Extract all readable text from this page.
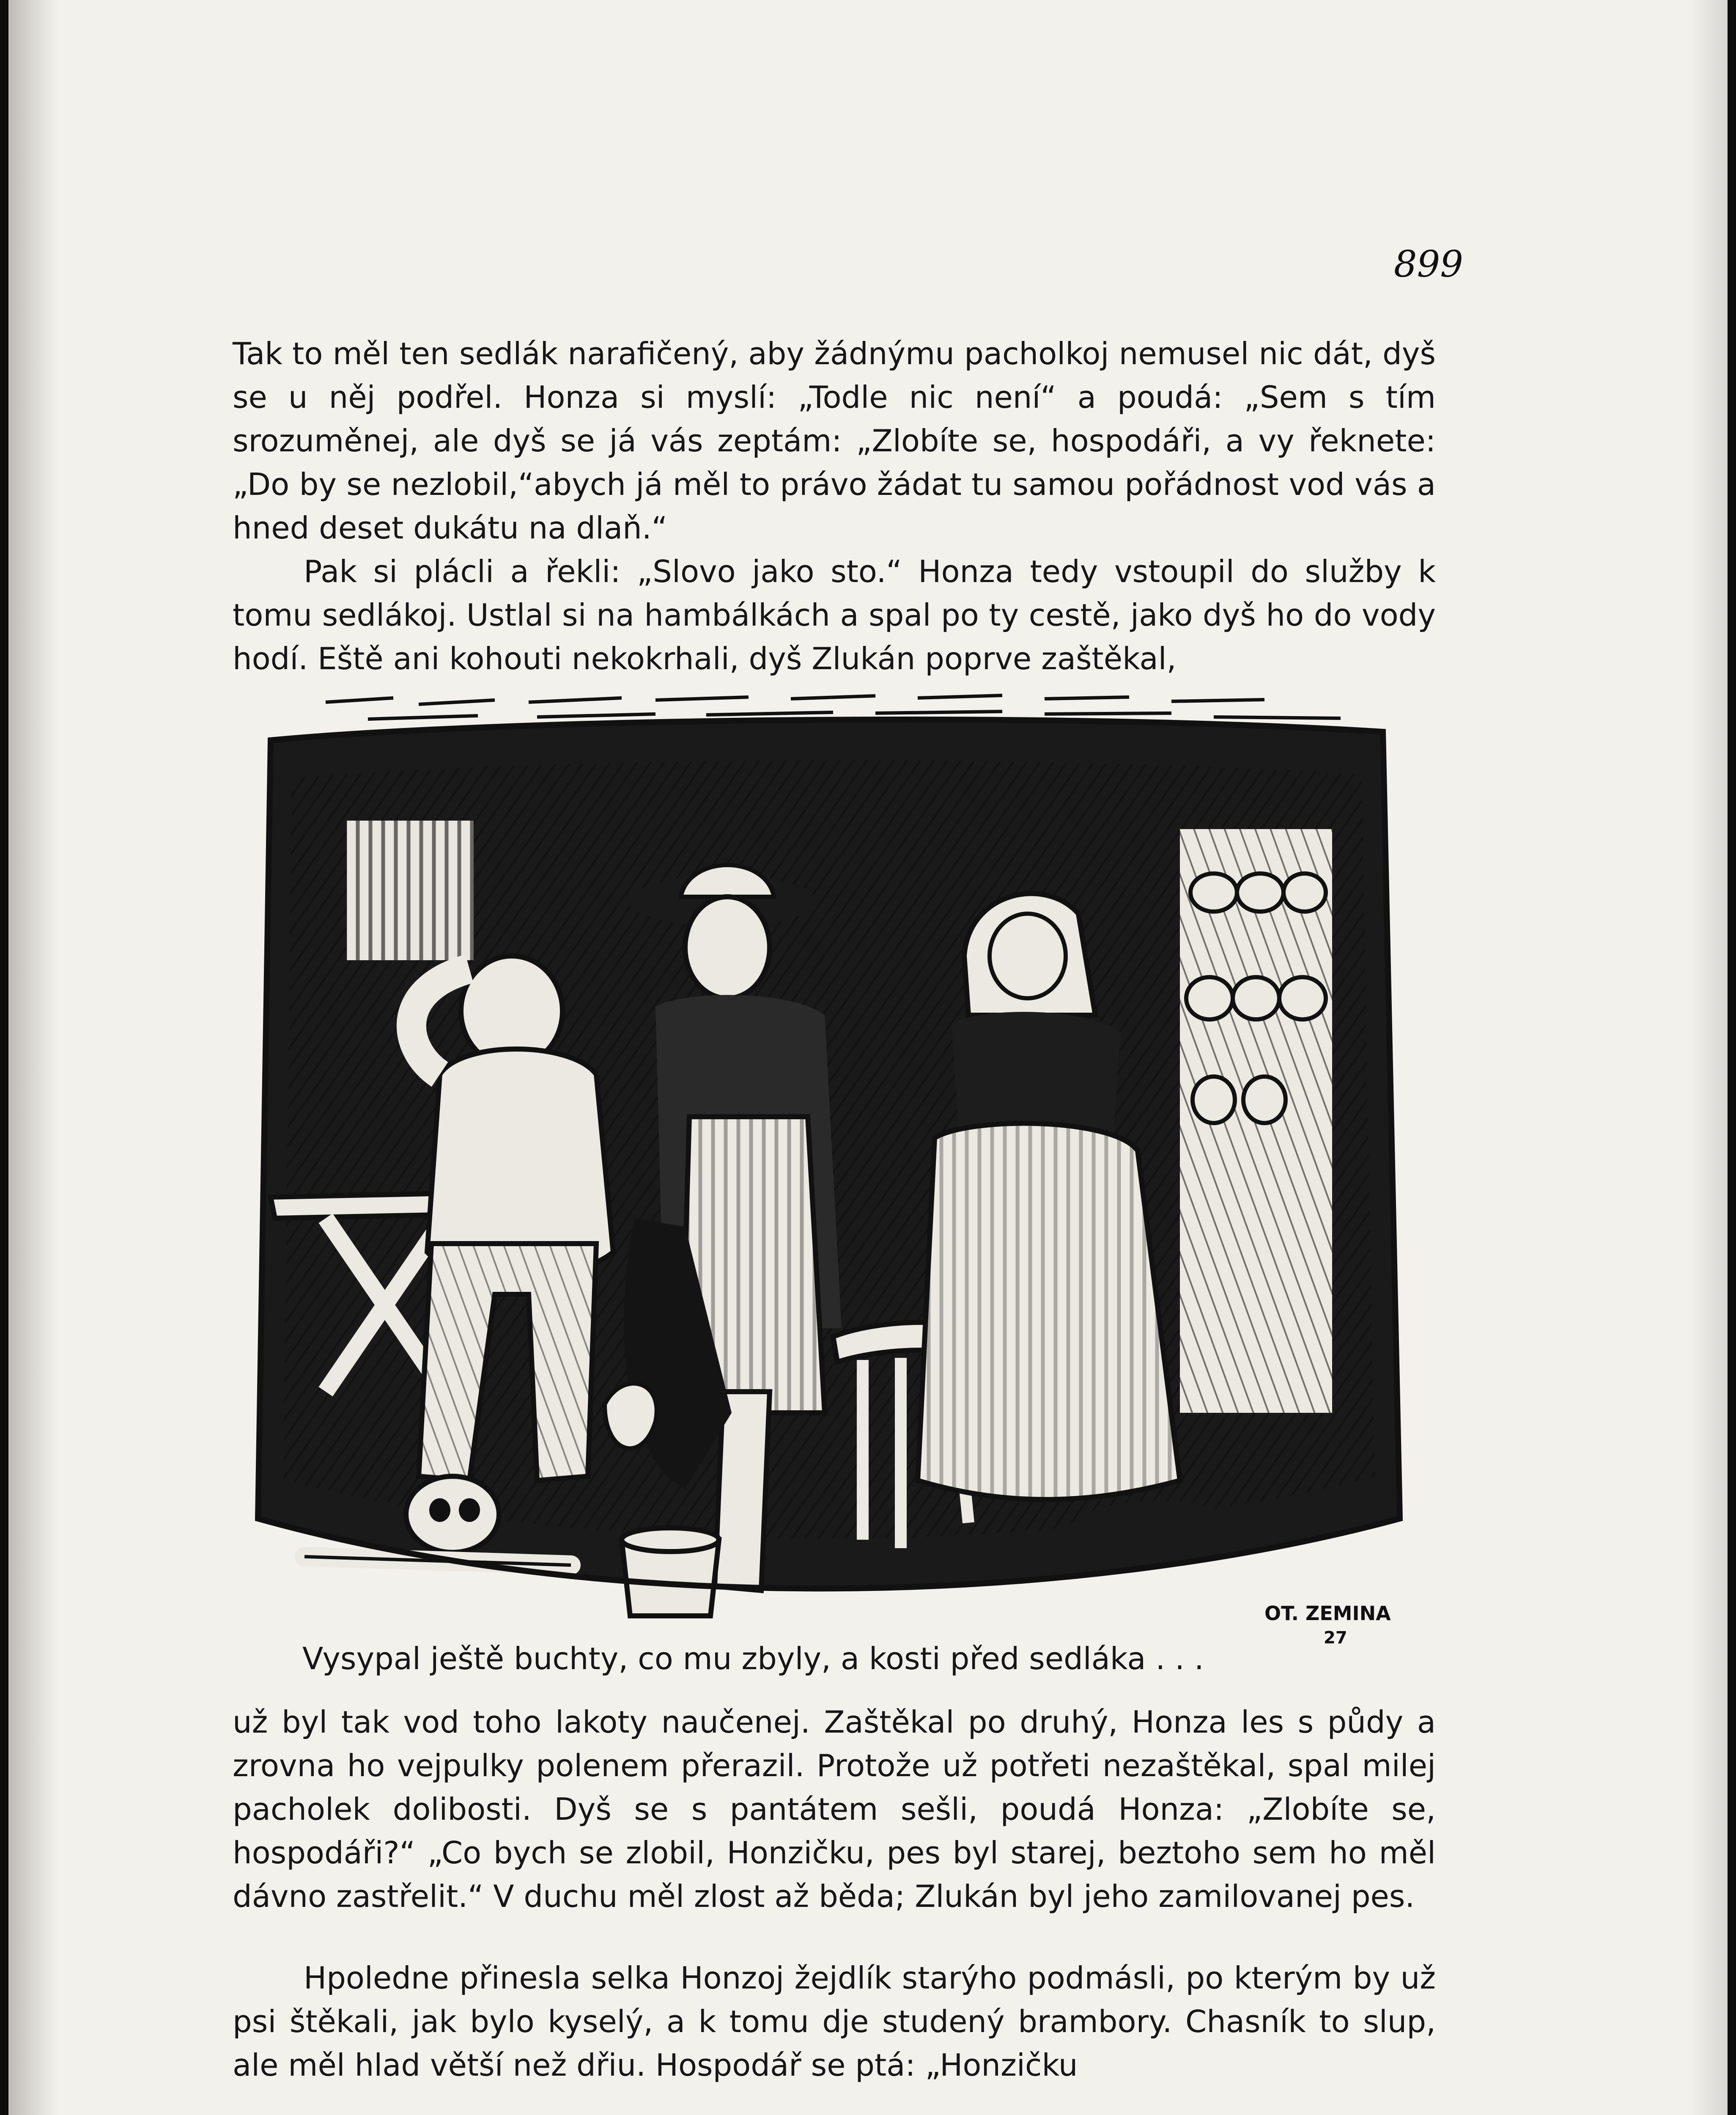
899

Tak to měl ten sedlák naraﬁčený, aby žádnýmu pacholkoj nemusel nic dát, dyš se u něj podřel. Honza si myslí: „Todle nic není“ a poudá: „Sem s tím srozuměnej, ale dyš se já vás zeptám: „Zlobíte se, hospodáři, a vy řeknete: „Do by se nezlobil,“abych já měl to právo žádat tu samou pořádnost vod vás a hned deset dukátu na dlaň.“

Pak si plácli a řekli: „Slovo jako sto.“ Honza tedy vstoupil do služby k tomu sedlákoj. Ustlal si na hambálkách a spal po ty cestě, jako dyš ho do vody hodí. Eště ani kohouti nekokrhali, dyš Zlukán poprve zaštěkal,

OT. ZEMINA
27
Vysypal ještě buchty, co mu zbyly, a kosti před sedláka . . .

už byl tak vod toho lakoty naučenej. Zaštěkal po druhý, Honza les s půdy a zrovna ho vejpulky polenem přerazil. Protože už potřeti nezaštěkal, spal milej pacholek dolibosti. Dyš se s pantátem sešli, poudá Honza: „Zlobíte se, hospodáři?“ „Co bych se zlobil, Honzičku, pes byl starej, beztoho sem ho měl dávno zastřelit.“ V duchu měl zlost až běda; Zlukán byl jeho zamilovanej pes.

Hpoledne přinesla selka Honzoj žejdlík starýho podmásli, po kterým by už psi štěkali, jak bylo kyselý, a k tomu dje studený brambory. Chasník to slup, ale měl hlad větší než dřiu. Hospodář se ptá: „Honzičku
